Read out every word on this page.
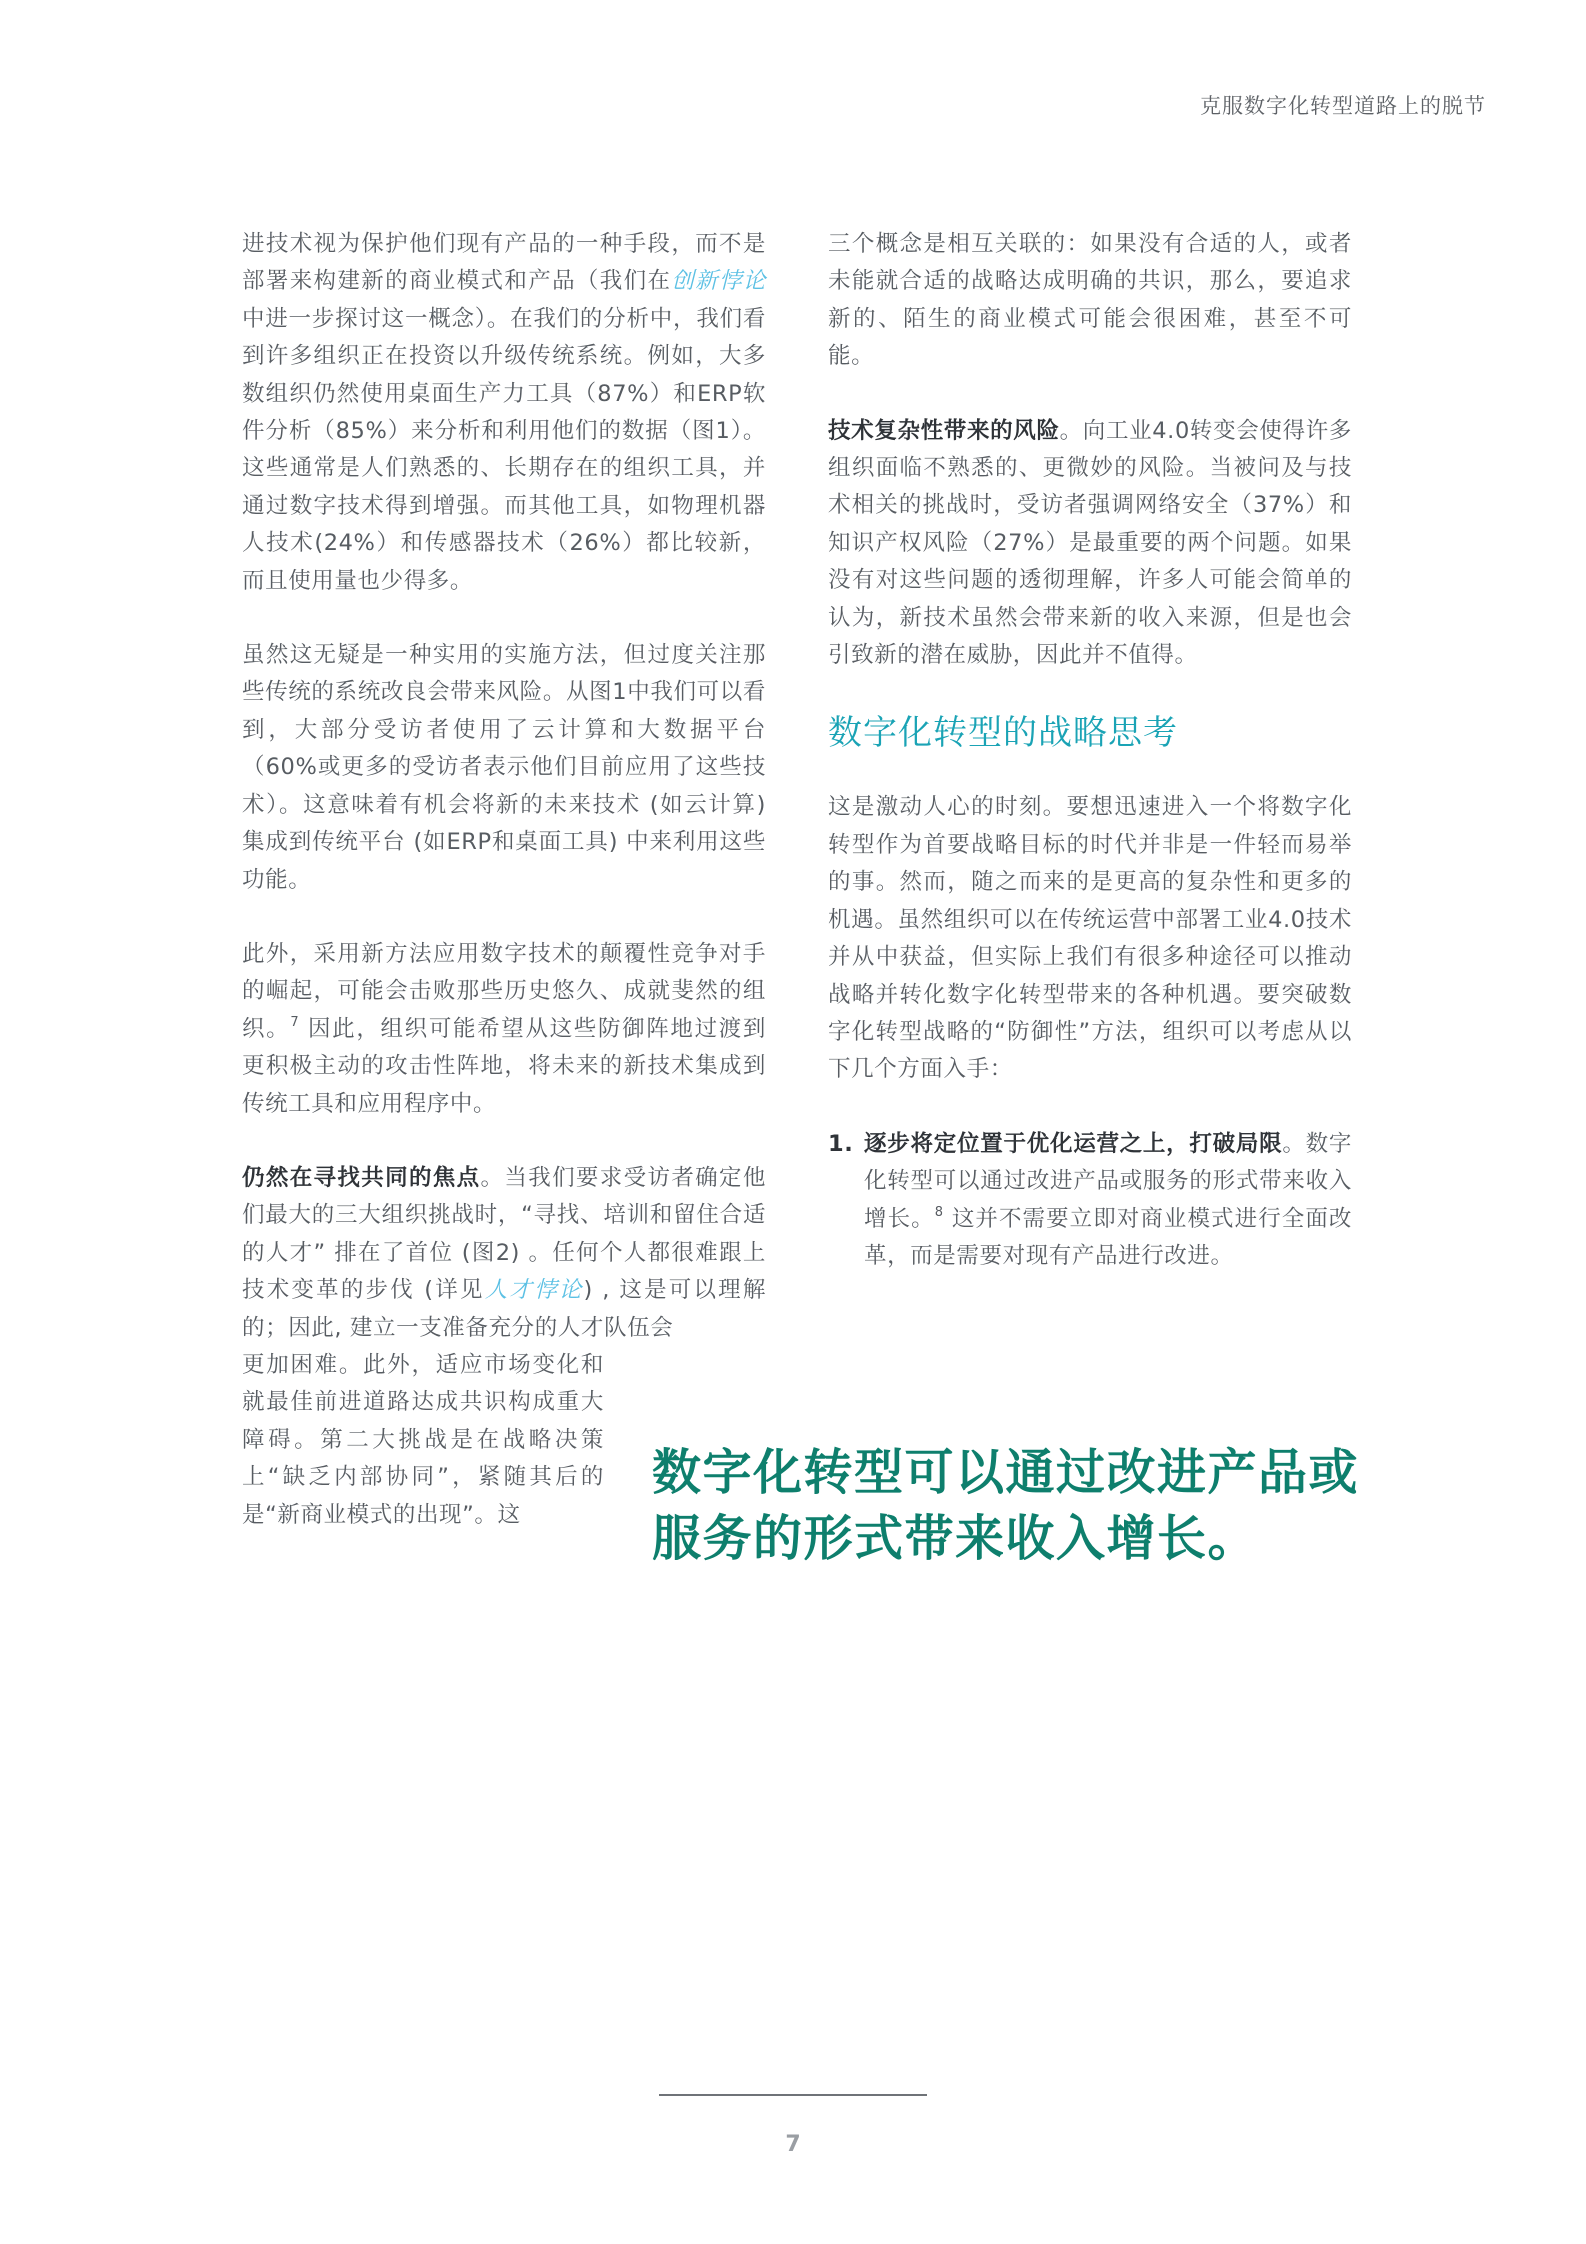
克服数字化转型道路上的脱节

进技术视为保护他们现有产品的一种手段，而不是部署来构建新的商业模式和产品（我们在创新悖论中进一步探讨这一概念）。在我们的分析中，我们看到许多组织正在投资以升级传统系统。例如，大多数组织仍然使用桌面生产力工具（87%）和ERP软件分析（85%）来分析和利用他们的数据（图1）。这些通常是人们熟悉的、长期存在的组织工具，并通过数字技术得到增强。而其他工具，如物理机器人技术(24%）和传感器技术（26%）都比较新，而且使用量也少得多。

虽然这无疑是一种实用的实施方法，但过度关注那些传统的系统改良会带来风险。从图1中我们可以看到，大部分受访者使用了云计算和大数据平台（60%或更多的受访者表示他们目前应用了这些技术）。这意味着有机会将新的未来技术 (如云计算) 集成到传统平台 (如ERP和桌面工具) 中来利用这些功能。

此外，采用新方法应用数字技术的颠覆性竞争对手的崛起，可能会击败那些历史悠久、成就斐然的组织。$^7$ 因此，组织可能希望从这些防御阵地过渡到更积极主动的攻击性阵地，将未来的新技术集成到传统工具和应用程序中。

仍然在寻找共同的焦点。当我们要求受访者确定他们最大的三大组织挑战时，“寻找、培训和留住合适的人才” 排在了首位 (图2) 。任何个人都很难跟上技术变革的步伐 (详见人才悖论) , 这是可以理解的；因此, 建立一支准备充分的人才队伍会

更加困难。此外，适应市场变化和就最佳前进道路达成共识构成重大障碍。第二大挑战是在战略决策上“缺乏内部协同”，紧随其后的是“新商业模式的出现”。这

三个概念是相互关联的：如果没有合适的人，或者未能就合适的战略达成明确的共识，那么，要追求新的、陌生的商业模式可能会很困难，甚至不可能。

技术复杂性带来的风险。向工业4.0转变会使得许多组织面临不熟悉的、更微妙的风险。当被问及与技术相关的挑战时，受访者强调网络安全（37%）和知识产权风险（27%）是最重要的两个问题。如果没有对这些问题的透彻理解，许多人可能会简单的认为，新技术虽然会带来新的收入来源，但是也会引致新的潜在威胁，因此并不值得。

数字化转型的战略思考

这是激动人心的时刻。要想迅速进入一个将数字化转型作为首要战略目标的时代并非是一件轻而易举的事。然而，随之而来的是更高的复杂性和更多的机遇。虽然组织可以在传统运营中部署工业4.0技术并从中获益，但实际上我们有很多种途径可以推动战略并转化数字化转型带来的各种机遇。要突破数字化转型战略的“防御性”方法，组织可以考虑从以下几个方面入手：

1. 逐步将定位置于优化运营之上，打破局限。数字化转型可以通过改进产品或服务的形式带来收入增长。$^8$ 这并不需要立即对商业模式进行全面改革，而是需要对现有产品进行改进。
数字化转型可以通过改进产品或服务的形式带来收入增长。
7
